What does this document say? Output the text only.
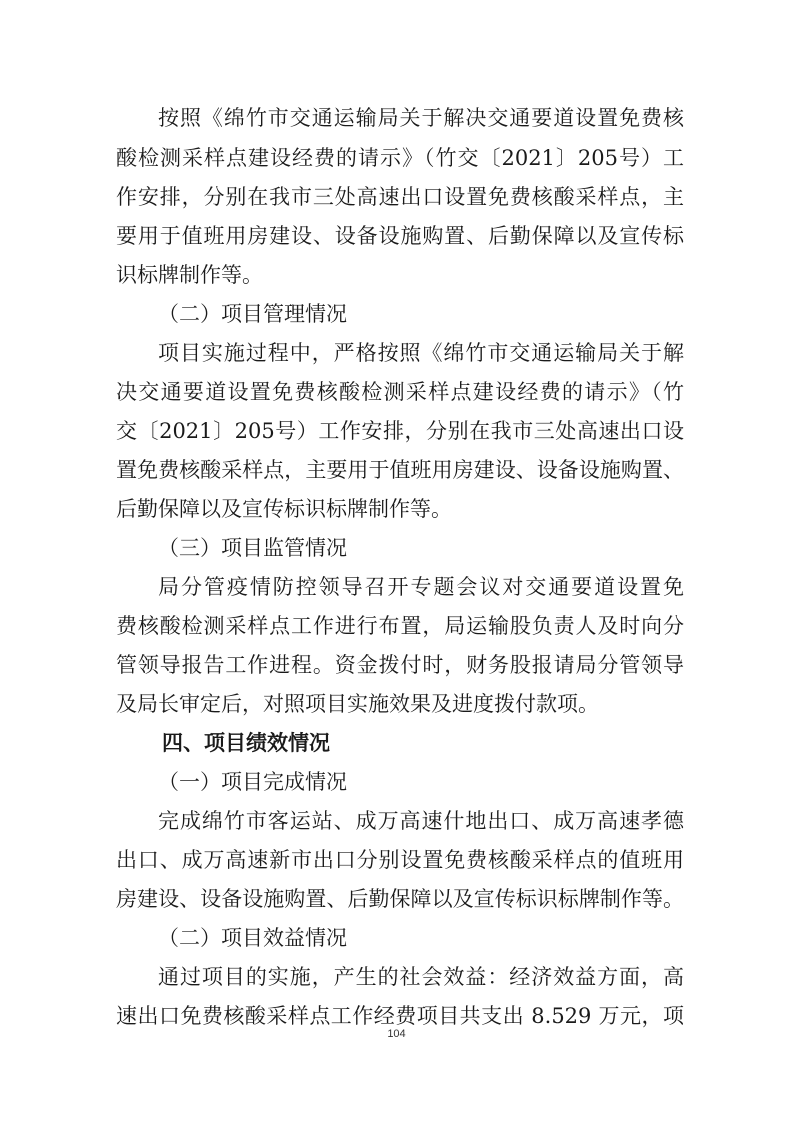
按照《绵竹市交通运输局关于解决交通要道设置免费核
酸检测采样点建设经费的请示》（竹交〔2021〕205号）工
作安排，分别在我市三处高速出口设置免费核酸采样点，主
要用于值班用房建设、设备设施购置、后勤保障以及宣传标
识标牌制作等。
（二）项目管理情况
项目实施过程中，严格按照《绵竹市交通运输局关于解
决交通要道设置免费核酸检测采样点建设经费的请示》（竹
交〔2021〕205号）工作安排，分别在我市三处高速出口设
置免费核酸采样点，主要用于值班用房建设、设备设施购置、
后勤保障以及宣传标识标牌制作等。
（三）项目监管情况
局分管疫情防控领导召开专题会议对交通要道设置免
费核酸检测采样点工作进行布置，局运输股负责人及时向分
管领导报告工作进程。资金拨付时，财务股报请局分管领导
及局长审定后，对照项目实施效果及进度拨付款项。
四、项目绩效情况
（一）项目完成情况
完成绵竹市客运站、成万高速什地出口、成万高速孝德
出口、成万高速新市出口分别设置免费核酸采样点的值班用
房建设、设备设施购置、后勤保障以及宣传标识标牌制作等。
（二）项目效益情况
通过项目的实施，产生的社会效益：经济效益方面，高
速出口免费核酸采样点工作经费项目共支出 8.529 万元，项
104
